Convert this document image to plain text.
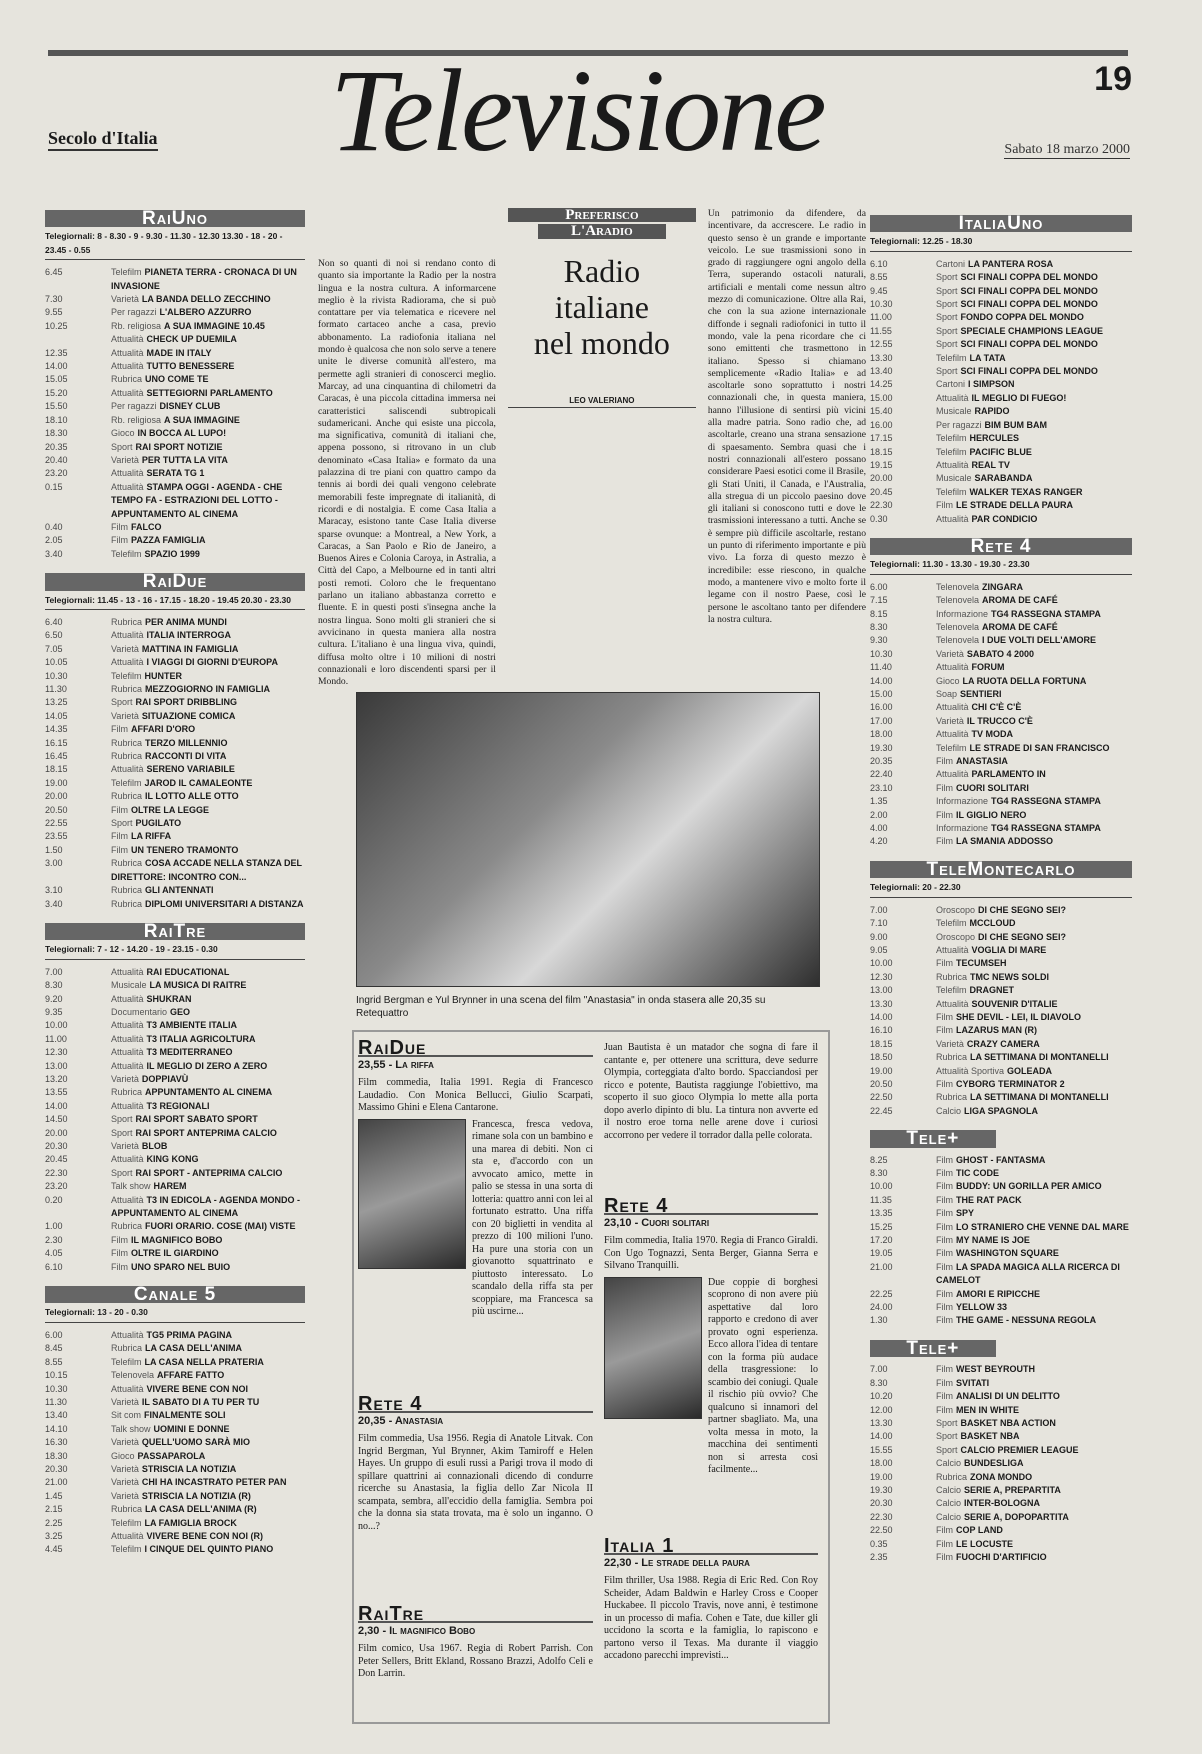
19
Secolo d'Italia Televisione	Sabato 18 marzo 2000
RaiUno
Telegiornali: 8 - 8.30 - 9 - 9.30 - 11.30 - 12.30 13.30 - 18 - 20 - 23.45 - 0.55
6.45	Telefilm PIANETA TERRA - CRONACA DI UN INVASIONE
7.30	Varietà LA BANDA DELLO ZECCHINO
9.55	Per ragazzi L'ALBERO AZZURRO
10.25	Rb. religiosa A SUA IMMAGINE 10.45
Attualità CHECK UP DUEMILA
12.35	Attualità MADE IN ITALY
14.00	Attualità TUTTO BENESSERE
15.05	Rubrica UNO COME TE
15.20	Attualità SETTEGIORNI PARLAMENTO
15.50	Per ragazzi DISNEY CLUB
18.10	Rb. religiosa A SUA IMMAGINE
18.30	Gioco IN BOCCA AL LUPO!
20.35	Sport RAI SPORT NOTIZIE
20.40	Varietà PER TUTTA LA VITA
23.20	Attualità SERATA TG 1
0.15	Attualità STAMPA OGGI - AGENDA - CHE TEMPO FA - ESTRAZIONI DEL LOTTO - APPUNTAMENTO AL CINEMA
0.40	Film FALCO
2.05	Film PAZZA FAMIGLIA
3.40	Telefilm SPAZIO 1999
RaiDue
Telegiornali: 11.45 - 13 - 16 - 17.15 - 18.20 - 19.45 20.30 - 23.30
6.40	Rubrica PER ANIMA MUNDI
6.50	Attualità ITALIA INTERROGA
7.05	Varietà MATTINA IN FAMIGLIA
10.05	Attualità I VIAGGI DI GIORNI D'EUROPA
10.30	Telefilm HUNTER
11.30	Rubrica MEZZOGIORNO IN FAMIGLIA
13.25	Sport RAI SPORT DRIBBLING
14.05	Varietà SITUAZIONE COMICA
14.35	Film AFFARI D'ORO
16.15	Rubrica TERZO MILLENNIO
16.45	Rubrica RACCONTI DI VITA
18.15	Attualità SERENO VARIABILE
19.00	Telefilm JAROD IL CAMALEONTE
20.00	Rubrica IL LOTTO ALLE OTTO
20.50	Film OLTRE LA LEGGE
22.55	Sport PUGILATO
23.55	Film LA RIFFA
1.50	Film UN TENERO TRAMONTO
3.00	Rubrica COSA ACCADE NELLA STANZA DEL DIRETTORE: INCONTRO CON...
3.10	Rubrica GLI ANTENNATI
3.40	Rubrica DIPLOMI UNIVERSITARI A DISTANZA
RaiTre
Telegiornali: 7 - 12 - 14.20 - 19 - 23.15 - 0.30
7.00	Attualità RAI EDUCATIONAL
8.30	Musicale LA MUSICA DI RAITRE
9.20	Attualità SHUKRAN
9.35	Documentario GEO
10.00	Attualità T3 AMBIENTE ITALIA
11.00	Attualità T3 ITALIA AGRICOLTURA
12.30	Attualità T3 MEDITERRANEO
13.00	Attualità IL MEGLIO DI ZERO A ZERO
13.20	Varietà DOPPIAVÙ
13.55	Rubrica APPUNTAMENTO AL CINEMA
14.00	Attualità T3 REGIONALI
14.50	Sport RAI SPORT SABATO SPORT
20.00	Sport RAI SPORT ANTEPRIMA CALCIO
20.30	Varietà BLOB
20.45	Attualità KING KONG
22.30	Sport RAI SPORT - ANTEPRIMA CALCIO
23.20	Talk show HAREM
0.20	Attualità T3 IN EDICOLA - AGENDA MONDO - APPUNTAMENTO AL CINEMA
1.00	Rubrica FUORI ORARIO. COSE (MAI) VISTE
2.30	Film IL MAGNIFICO BOBO
4.05	Film OLTRE IL GIARDINO
6.10	Film UNO SPARO NEL BUIO
Canale 5
Telegiornali: 13 - 20 - 0.30
6.00	Attualità TG5 PRIMA PAGINA
8.45	Rubrica LA CASA DELL'ANIMA
8.55	Telefilm LA CASA NELLA PRATERIA
10.15	Telenovela AFFARE FATTO
10.30	Attualità VIVERE BENE CON NOI
11.30	Varietà IL SABATO DI A TU PER TU
13.40	Sit com FINALMENTE SOLI
14.10	Talk show UOMINI E DONNE
16.30	Varietà QUELL'UOMO SARÀ MIO
18.30	Gioco PASSAPAROLA
20.30	Varietà STRISCIA LA NOTIZIA
21.00	Varietà CHI HA INCASTRATO PETER PAN
1.45	Varietà STRISCIA LA NOTIZIA (R)
2.15	Rubrica LA CASA DELL'ANIMA (R)
2.25	Telefilm LA FAMIGLIA BROCK
3.25	Attualità VIVERE BENE CON NOI (R)
4.45	Telefilm I CINQUE DEL QUINTO PIANO
ItaliaUno
Telegiornali: 12.25 - 18.30
6.10	Cartoni LA PANTERA ROSA
8.55	Sport SCI FINALI COPPA DEL MONDO
9.45	Sport SCI FINALI COPPA DEL MONDO
10.30	Sport SCI FINALI COPPA DEL MONDO
11.00	Sport FONDO COPPA DEL MONDO
11.55	Sport SPECIALE CHAMPIONS LEAGUE
12.55	Sport SCI FINALI COPPA DEL MONDO
13.30	Telefilm LA TATA
13.40	Sport SCI FINALI COPPA DEL MONDO
14.25	Cartoni I SIMPSON
15.00	Attualità IL MEGLIO DI FUEGO!
15.40	Musicale RAPIDO
16.00	Per ragazzi BIM BUM BAM
17.15	Telefilm HERCULES
18.15	Telefilm PACIFIC BLUE
19.15	Attualità REAL TV
20.00	Musicale SARABANDA
20.45	Telefilm WALKER TEXAS RANGER
22.30	Film LE STRADE DELLA PAURA
0.30	Attualità PAR CONDICIO
Rete 4
Telegiornali: 11.30 - 13.30 - 19.30 - 23.30
6.00	Telenovela ZINGARA
7.15	Telenovela AROMA DE CAFÉ
8.15	Informazione TG4 RASSEGNA STAMPA
8.30	Telenovela AROMA DE CAFÉ
9.30	Telenovela I DUE VOLTI DELL'AMORE
10.30	Varietà SABATO 4 2000
11.40	Attualità FORUM
14.00	Gioco LA RUOTA DELLA FORTUNA
15.00	Soap SENTIERI
16.00	Attualità CHI C'È C'È
17.00	Varietà IL TRUCCO C'È
18.00	Attualità TV MODA
19.30	Telefilm LE STRADE DI SAN FRANCISCO
20.35	Film ANASTASIA
22.40	Attualità PARLAMENTO IN
23.10	Film CUORI SOLITARI
1.35	Informazione TG4 RASSEGNA STAMPA
2.00	Film IL GIGLIO NERO
4.00	Informazione TG4 RASSEGNA STAMPA
4.20	Film LA SMANIA ADDOSSO
TeleMontecarlo
Telegiornali: 20 - 22.30
7.00	Oroscopo DI CHE SEGNO SEI?
7.10	Telefilm MCCLOUD
9.00	Oroscopo DI CHE SEGNO SEI?
9.05	Attualità VOGLIA DI MARE
10.00	Film TECUMSEH
12.30	Rubrica TMC NEWS SOLDI
13.00	Telefilm DRAGNET
13.30	Attualità SOUVENIR D'ITALIE
14.00	Film SHE DEVIL - LEI, IL DIAVOLO
16.10	Film LAZARUS MAN (R)
18.15	Varietà CRAZY CAMERA
18.50	Rubrica LA SETTIMANA DI MONTANELLI
19.00	Attualità Sportiva GOLEADA
20.50	Film CYBORG TERMINATOR 2
22.50	Rubrica LA SETTIMANA DI MONTANELLI
22.45	Calcio LIGA SPAGNOLA
Tele+
8.25	Film GHOST - FANTASMA
8.30	Film TIC CODE
10.00	Film BUDDY: UN GORILLA PER AMICO
11.35	Film THE RAT PACK
13.35	Film SPY
15.25	Film LO STRANIERO CHE VENNE DAL MARE
17.20	Film MY NAME IS JOE
19.05	Film WASHINGTON SQUARE
21.00	Film LA SPADA MAGICA ALLA RICERCA DI CAMELOT
22.25	Film AMORI E RIPICCHE
24.00	Film YELLOW 33
1.30	Film THE GAME - NESSUNA REGOLA
Tele+
7.00	Film WEST BEYROUTH
8.30	Film SVITATI
10.20	Film ANALISI DI UN DELITTO
12.00	Film MEN IN WHITE
13.30	Sport BASKET NBA ACTION
14.00	Sport BASKET NBA
15.55	Sport CALCIO PREMIER LEAGUE
18.00	Calcio BUNDESLIGA
19.00	Rubrica ZONA MONDO
19.30	Calcio SERIE A, PREPARTITA
20.30	Calcio INTER-BOLOGNA
22.30	Calcio SERIE A, DOPOPARTITA
22.50	Film COP LAND
0.35	Film LE LOCUSTE
2.35	Film FUOCHI D'ARTIFICIO

Non so quanti di noi si rendano conto di quanto sia importante la Radio per la nostra lingua e la nostra cultura. A informarcene meglio è la rivista Radiorama, che si può contattare per via telematica e ricevere nel formato cartaceo anche a casa, previo abbonamento. La radiofonia italiana nel mondo è qualcosa che non solo serve a tenere unite le diverse comunità all'estero, ma permette agli stranieri di conoscerci meglio. Marcay, ad una cinquantina di chilometri da Caracas, è una piccola cittadina immersa nei caratteristici saliscendi subtropicali sudamericani. Anche qui esiste una piccola, ma significativa, comunità di italiani che, appena possono, si ritrovano in un club denominato «Casa Italia» e formato da una palazzina di tre piani con quattro campo da tennis ai bordi dei quali vengono celebrate memorabili feste impregnate di italianità, di ricordi e di nostalgia. E come Casa Italia a Maracay, esistono tante Case Italia diverse sparse ovunque: a Montreal, a New York, a Caracas, a San Paolo e Rio de Janeiro, a Buenos Aires e Colonia Caroya, in Astralia, a Città del Capo, a Melbourne ed in tanti altri posti remoti. Coloro che le frequentano parlano un italiano abbastanza corretto e fluente. E in questi posti s'insegna anche la nostra lingua. Sono molti gli stranieri che si avvicinano in questa maniera alla nostra cultura. L'italiano è una lingua viva, quindi, diffusa molto oltre i 10 milioni di nostri connazionali e loro discendenti sparsi per il Mondo.

Preferisco
L'Aradio
Radio
italiane
nel mondo
LEO VALERIANO

Un patrimonio da difendere, da incentivare, da accrescere. Le radio in questo senso è un grande e importante veicolo. Le sue trasmissioni sono in grado di raggiungere ogni angolo della Terra, superando ostacoli naturali, artificiali e mentali come nessun altro mezzo di comunicazione. Oltre alla Rai, che con la sua azione internazionale diffonde i segnali radiofonici in tutto il mondo, vale la pena ricordare che ci sono emittenti che trasmettono in italiano. Spesso si chiamano semplicemente «Radio Italia» e ad ascoltarle sono soprattutto i nostri connazionali che, in questa maniera, hanno l'illusione di sentirsi più vicini alla madre patria. Sono radio che, ad ascoltarle, creano una strana sensazione di spaesamento. Sembra quasi che i nostri connazionali all'estero possano considerare Paesi esotici come il Brasile, gli Stati Uniti, il Canada, e l'Australia, alla stregua di un piccolo paesino dove gli italiani si conoscono tutti e dove le trasmissioni interessano a tutti. Anche se è sempre più difficile ascoltarle, restano un punto di riferimento importante e più vivo. La forza di questo mezzo è incredibile: esse riescono, in qualche modo, a mantenere vivo e molto forte il legame con il nostro Paese, così le persone le ascoltano tanto per difendere la nostra cultura.

Ingrid Bergman e Yul Brynner in una scena del film "Anastasia" in onda stasera alle 20,35 su Retequattro
RaiDue
23,55 - La riffa

Film commedia, Italia 1991. Regia di Francesco Laudadio. Con Monica Bellucci, Giulio Scarpati, Massimo Ghini e Elena Cantarone.

Francesca, fresca vedova, rimane sola con un bambino e una marea di debiti. Non ci sta e, d'accordo con un avvocato amico, mette in palio se stessa in una sorta di lotteria: quattro anni con lei al fortunato estratto. Una riffa con 20 biglietti in vendita al prezzo di 100 milioni l'uno. Ha pure una storia con un giovanotto squattrinato e piuttosto interessato. Lo scandalo della riffa sta per scoppiare, ma Francesca sa più uscirne...

Rete 4
20,35 - Anastasia

Film commedia, Usa 1956. Regia di Anatole Litvak. Con Ingrid Bergman, Yul Brynner, Akim Tamiroff e Helen Hayes. Un gruppo di esuli russi a Parigi trova il modo di spillare quattrini ai connazionali dicendo di condurre ricerche su Anastasia, la figlia dello Zar Nicola II scampata, sembra, all'eccidio della famiglia. Sembra poi che la donna sia stata trovata, ma è solo un inganno. O no...?

RaiTre
2,30 - Il magnifico Bobo

Film comico, Usa 1967. Regia di Robert Parrish. Con Peter Sellers, Britt Ekland, Rossano Brazzi, Adolfo Celi e Don Larrin.

Juan Bautista è un matador che sogna di fare il cantante e, per ottenere una scrittura, deve sedurre Olympia, corteggiata d'alto bordo. Spacciandosi per ricco e potente, Bautista raggiunge l'obiettivo, ma scoperto il suo gioco Olympia lo mette alla porta dopo averlo dipinto di blu. La tintura non avverte ed il nostro eroe torna nelle arene dove i curiosi accorrono per vedere il torrador dalla pelle colorata.

Rete 4
23,10 - Cuori solitari

Film commedia, Italia 1970. Regia di Franco Giraldi. Con Ugo Tognazzi, Senta Berger, Gianna Serra e Silvano Tranquilli.

Due coppie di borghesi scoprono di non avere più aspettative dal loro rapporto e credono di aver provato ogni esperienza. Ecco allora l'idea di tentare con la forma più audace della trasgressione: lo scambio dei coniugi. Quale il rischio più ovvio? Che qualcuno si innamori del partner sbagliato. Ma, una volta messa in moto, la macchina dei sentimenti non si arresta così facilmente...

Italia 1
22,30 - Le strade della paura

Film thriller, Usa 1988. Regia di Eric Red. Con Roy Scheider, Adam Baldwin e Harley Cross e Cooper Huckabee. Il piccolo Travis, nove anni, è testimone in un processo di mafia. Cohen e Tate, due killer gli uccidono la scorta e la famiglia, lo rapiscono e partono verso il Texas. Ma durante il viaggio accadono parecchi imprevisti...
